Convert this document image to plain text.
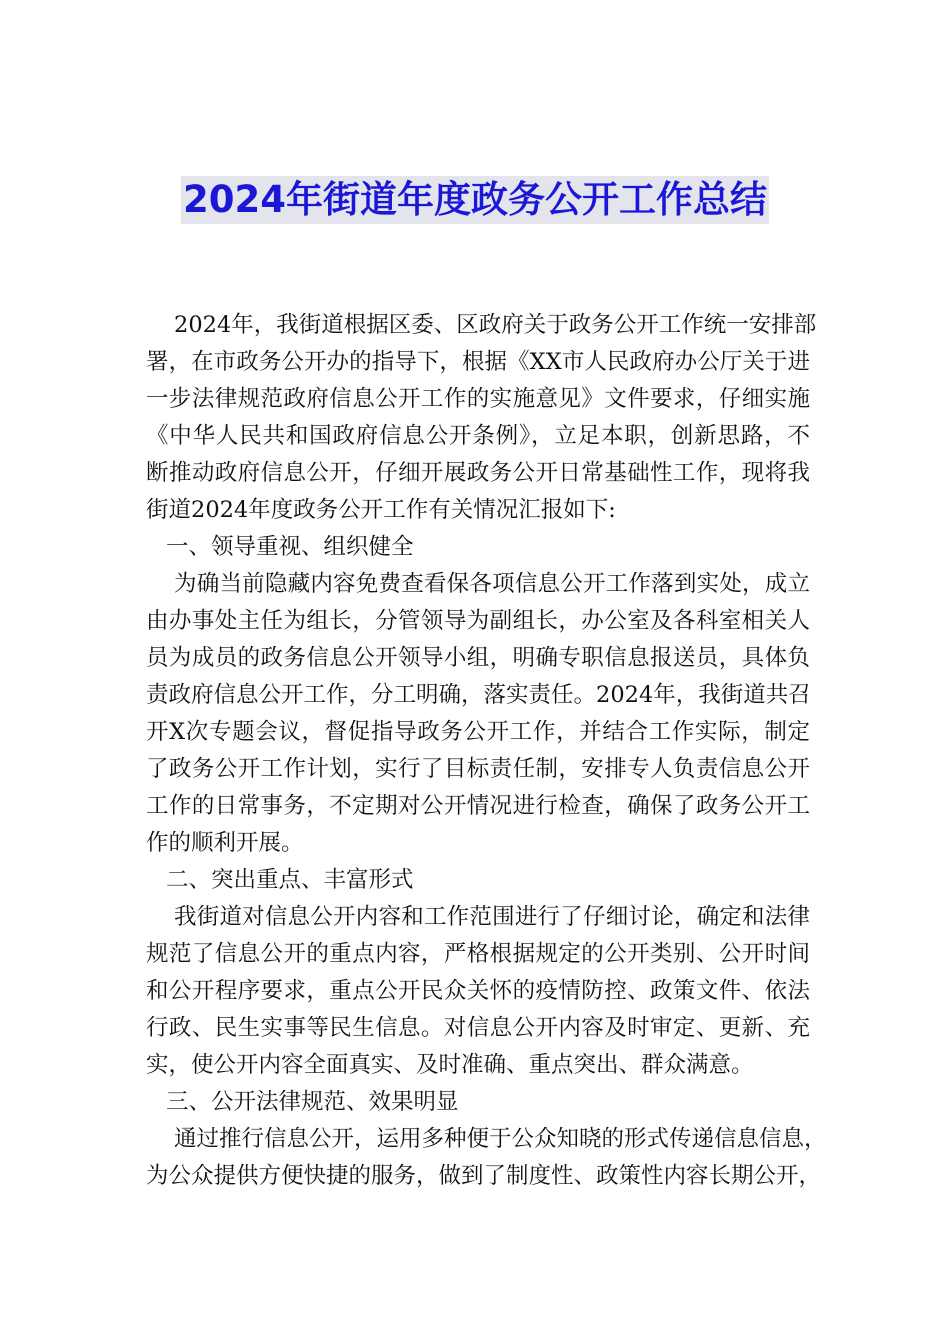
2024年街道年度政务公开工作总结
2024年，我街道根据区委、区政府关于政务公开工作统一安排部
署，在市政务公开办的指导下，根据《XX市人民政府办公厅关于进
一步法律规范政府信息公开工作的实施意见》文件要求，仔细实施
《中华人民共和国政府信息公开条例》，立足本职，创新思路，不
断推动政府信息公开，仔细开展政务公开日常基础性工作，现将我
街道2024年度政务公开工作有关情况汇报如下:
一、领导重视、组织健全
为确当前隐藏内容免费查看保各项信息公开工作落到实处，成立
由办事处主任为组长，分管领导为副组长，办公室及各科室相关人
员为成员的政务信息公开领导小组，明确专职信息报送员，具体负
责政府信息公开工作，分工明确，落实责任。2024年，我街道共召
开X次专题会议，督促指导政务公开工作，并结合工作实际，制定
了政务公开工作计划，实行了目标责任制，安排专人负责信息公开
工作的日常事务，不定期对公开情况进行检查，确保了政务公开工
作的顺利开展。
二、突出重点、丰富形式
我街道对信息公开内容和工作范围进行了仔细讨论，确定和法律
规范了信息公开的重点内容，严格根据规定的公开类别、公开时间
和公开程序要求，重点公开民众关怀的疫情防控、政策文件、依法
行政、民生实事等民生信息。对信息公开内容及时审定、更新、充
实，使公开内容全面真实、及时准确、重点突出、群众满意。
三、公开法律规范、效果明显
通过推行信息公开，运用多种便于公众知晓的形式传递信息信息，
为公众提供方便快捷的服务，做到了制度性、政策性内容长期公开，
